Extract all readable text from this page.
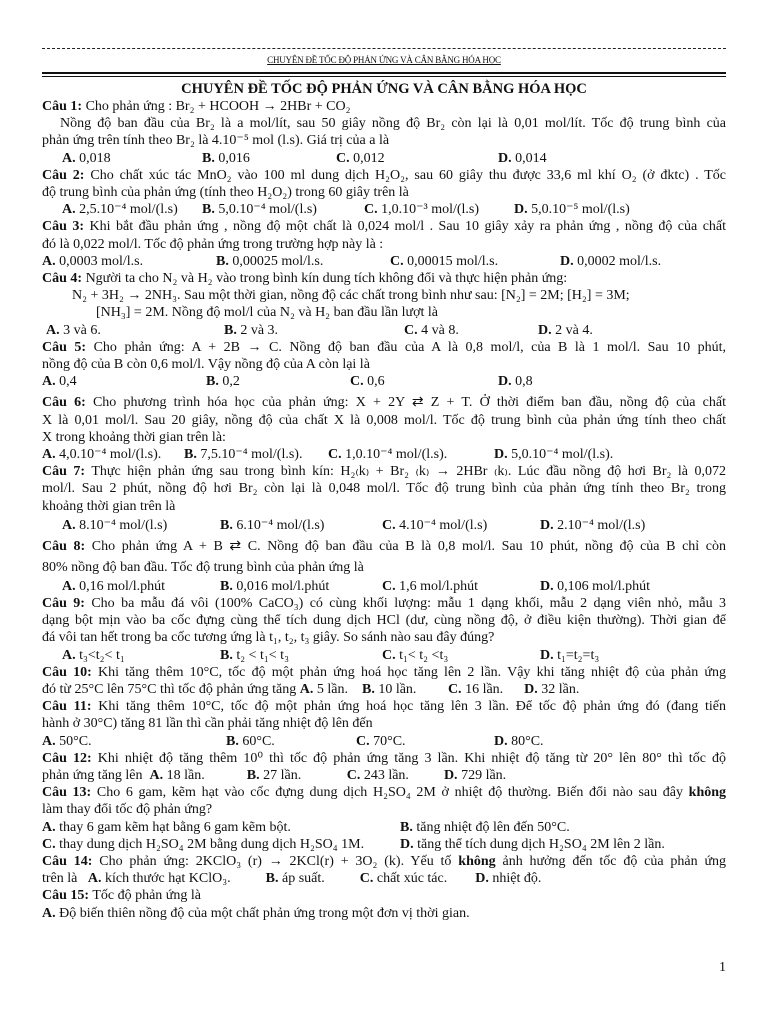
CHUYÊN ĐỀ TỐC ĐỘ PHẢN ỨNG VÀ CÂN BẰNG HÓA HỌC
CHUYÊN ĐỀ TỐC ĐỘ PHẢN ỨNG VÀ CÂN BẰNG HÓA HỌC
Câu 1: Cho phản ứng : Br₂ + HCOOH → 2HBr + CO₂
Nồng độ ban đầu của Br₂ là a mol/lít, sau 50 giây nồng độ Br₂ còn lại là 0,01 mol/lít. Tốc độ trung bình của
phản ứng trên tính theo Br₂ là 4.10⁻⁵ mol (l.s). Giá trị của a là
A. 0,018	B. 0,016	C. 0,012	D. 0,014
Câu 2: Cho chất xúc tác MnO₂ vào 100 ml dung dịch H₂O₂, sau 60 giây thu được 33,6 ml khí O₂ (ở đktc) . Tốc
độ trung bình của phản ứng (tính theo H₂O₂) trong 60 giây trên là
A. 2,5.10⁻⁴ mol/(l.s) B. 5,0.10⁻⁴ mol/(l.s)	C. 1,0.10⁻³ mol/(l.s) D. 5,0.10⁻⁵ mol/(l.s)
Câu 3: Khi bắt đầu phản ứng , nồng độ một chất là 0,024 mol/l . Sau 10 giây xảy ra phản ứng , nồng độ của chất
đó là 0,022 mol/l. Tốc độ phản ứng trong trường hợp này là :
A. 0,0003 mol/l.s.	B. 0,00025 mol/l.s.	C. 0,00015 mol/l.s.	D. 0,0002 mol/l.s.
Câu 4: Người ta cho N₂ và H₂ vào trong bình kín dung tích không đổi và thực hiện phản ứng:
N₂ + 3H₂ → 2NH₃. Sau một thời gian, nồng độ các chất trong bình như sau: [N₂] = 2M; [H₂] = 3M;
[NH₃] = 2M. Nồng độ mol/l của N₂ và H₂ ban đầu lần lượt là
A. 3 và 6.	B. 2 và 3.	C. 4 và 8.	D. 2 và 4.
Câu 5: Cho phản ứng: A + 2B → C. Nồng độ ban đầu của A là 0,8 mol/l, của B là 1 mol/l. Sau 10 phút,
nồng độ của B còn 0,6 mol/l. Vậy nồng độ của A còn lại là
A. 0,4	B. 0,2	C. 0,6	D. 0,8
Câu 6: Cho phương trình hóa học của phản ứng: X + 2Y ⇄ Z + T. Ở thời điểm ban đầu, nồng độ của chất
X là 0,01 mol/l. Sau 20 giây, nồng độ của chất X là 0,008 mol/l. Tốc độ trung bình của phản ứng tính theo chất
X trong khoảng thời gian trên là:
A. 4,0.10⁻⁴ mol/(l.s). B. 7,5.10⁻⁴ mol/(l.s). C. 1,0.10⁻⁴ mol/(l.s).	D. 5,0.10⁻⁴ mol/(l.s).
Câu 7: Thực hiện phản ứng sau trong bình kín: H₂₍k₎ + Br₂ ₍k₎ → 2HBr ₍k₎. Lúc đầu nồng độ hơi Br₂ là 0,072
mol/l. Sau 2 phút, nồng độ hơi Br₂ còn lại là 0,048 mol/l. Tốc độ trung bình của phản ứng tính theo Br₂ trong
khoảng thời gian trên là
A. 8.10⁻⁴ mol/(l.s)	B. 6.10⁻⁴ mol/(l.s)	C. 4.10⁻⁴ mol/(l.s)	D. 2.10⁻⁴ mol/(l.s)
Câu 8: Cho phản ứng A + B ⇄ C. Nồng độ ban đầu của B là 0,8 mol/l. Sau 10 phút, nồng độ của B chỉ còn
80% nồng độ ban đầu. Tốc độ trung bình của phản ứng là
A. 0,16 mol/l.phút	B. 0,016 mol/l.phút	C. 1,6 mol/l.phút	D. 0,106 mol/l.phút
Câu 9: Cho ba mẫu đá vôi (100% CaCO₃) có cùng khối lượng: mẫu 1 dạng khối, mẫu 2 dạng viên nhỏ, mẫu 3
dạng bột mịn vào ba cốc đựng cùng thể tích dung dịch HCl (dư, cùng nồng độ, ở điều kiện thường). Thời gian để
đá vôi tan hết trong ba cốc tương ứng là t₁, t₂, t₃ giây. So sánh nào sau đây đúng?
A. t₃<t₂< t₁	B. t₂ < t₁< t₃	C. t₁< t₂ <t₃	D. t₁=t₂=t₃
Câu 10: Khi tăng thêm 10°C, tốc độ một phản ứng hoá học tăng lên 2 lần. Vậy khi tăng nhiệt độ của phản ứng
đó từ 25°C lên 75°C thì tốc độ phản ứng tăng A. 5 lần. B. 10 lần. C. 16 lần. D. 32 lần.
Câu 11: Khi tăng thêm 10°C, tốc độ một phản ứng hoá học tăng lên 3 lần. Để tốc độ phản ứng đó (đang tiến
hành ở 30°C) tăng 81 lần thì cần phải tăng nhiệt độ lên đến
A. 50°C.	B. 60°C.	C. 70°C.	D. 80°C.
Câu 12: Khi nhiệt độ tăng thêm 10⁰ thì tốc độ phản ứng tăng 3 lần. Khi nhiệt độ tăng từ 20° lên 80° thì tốc độ
phản ứng tăng lên A. 18 lần.	B. 27 lần.	C. 243 lần.	D. 729 lần.
Câu 13: Cho 6 gam, kẽm hạt vào cốc đựng dung dịch H₂SO₄ 2M ở nhiệt độ thường. Biến đổi nào sau đây không
làm thay đổi tốc độ phản ứng?
A. thay 6 gam kẽm hạt bằng 6 gam kẽm bột.	B. tăng nhiệt độ lên đến 50°C.
C. thay dung dịch H₂SO₄ 2M bằng dung dịch H₂SO₄ 1M.	D. tăng thể tích dung dịch H₂SO₄ 2M lên 2 lần.
Câu 14: Cho phản ứng: 2KClO₃ (r) → 2KCl(r) + 3O₂ (k). Yếu tố không ảnh hưởng đến tốc độ của phản ứng
trên là A. kích thước hạt KClO₃.	B. áp suất.	C. chất xúc tác. D. nhiệt độ.
Câu 15: Tốc độ phản ứng là
A. Độ biến thiên nồng độ của một chất phản ứng trong một đơn vị thời gian.
1
